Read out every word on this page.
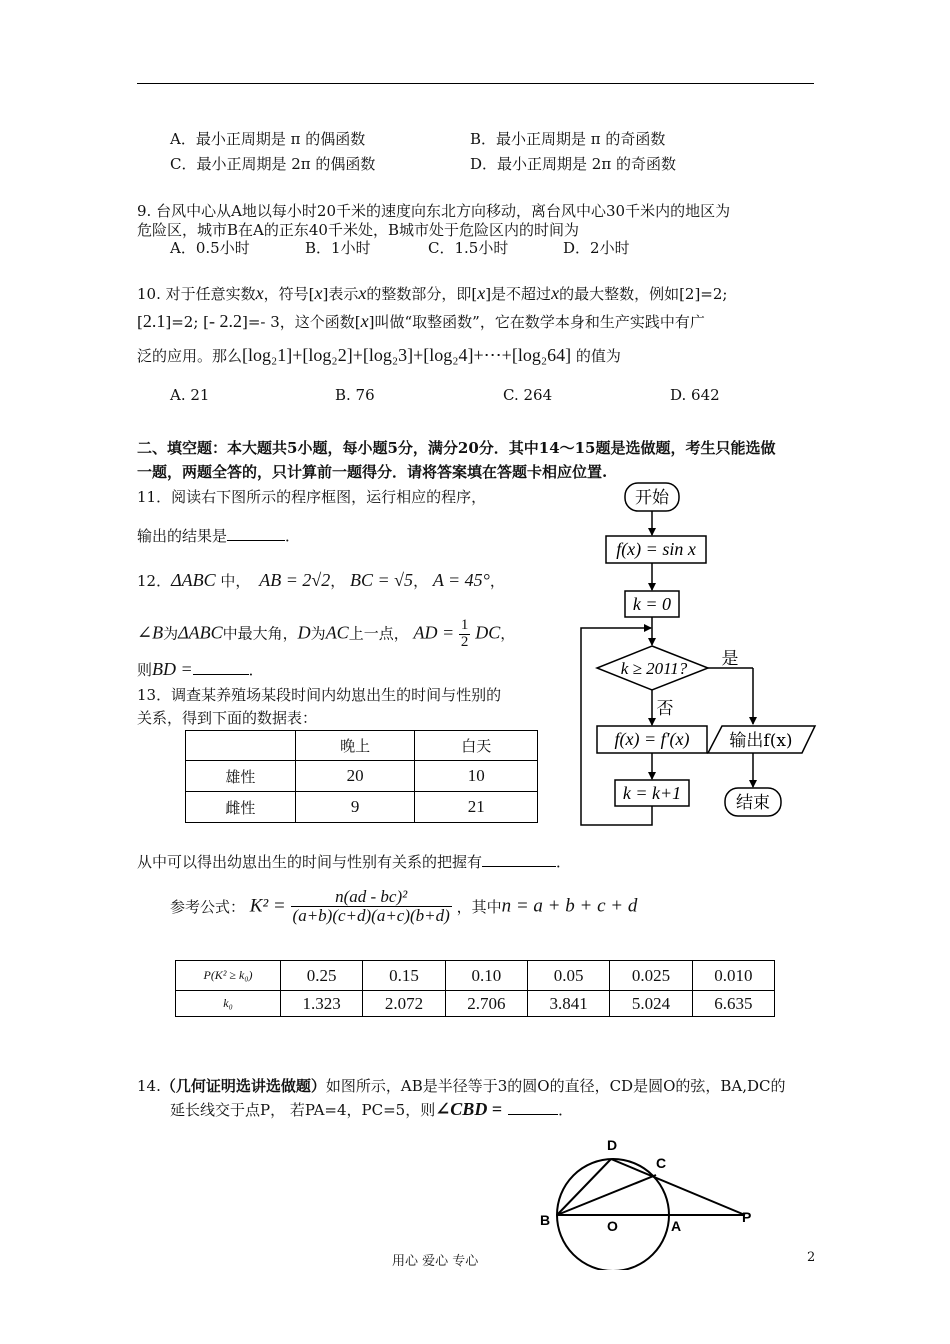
A．最小正周期是 π 的偶函数	B．最小正周期是 π 的奇函数
C．最小正周期是 2π 的偶函数	D．最小正周期是 2π 的奇函数
9. 台风中心从A地以每小时20千米的速度向东北方向移动，离台风中心30千米内的地区为
危险区，城市B在A的正东40千米处，B城市处于危险区内的时间为
A．0.5小时	B．1小时	C．1.5小时	D．2小时
10. 对于任意实数x，符号[x]表示x的整数部分，即[x]是不超过x的最大整数，例如[2]=2;
[2.1]=2; [- 2.2]=- 3，这个函数[x]叫做“取整函数”，它在数学本身和生产实践中有广
泛的应用。那么[log₂1]+[log₂2]+[log₂3]+[log₂4]+⋯+[log₂64] 的值为
A. 21	B. 76	C. 264	D. 642
二、填空题：本大题共5小题，每小题5分，满分20分．其中14～15题是选做题，考生只能选做
一题，两题全答的，只计算前一题得分．请将答案填在答题卡相应位置.
11．阅读右下图所示的程序框图，运行相应的程序，
输出的结果是	．
12．ΔABC 中， AB = 2√2， BC = √5， A = 45°，
∠B为ΔABC中最大角，D为AC上一点， AD = $\frac{1}{2}$ DC，
则BD =	．
13．调查某养殖场某段时间内幼崽出生的时间与性别的
关系，得到下面的数据表：
	晚上	白天
雄性	20	10
雌性	9	21
从中可以得出幼崽出生的时间与性别有关系的把握有	．
参考公式： $K^2 = \frac{\text{n(ad - bc)²}}{(a+b)(c+d)(a+c)(b+d)}$ ，其中n = a + b + c + d
P(K² ≥ k₀)	0.25	0.15	0.10	0.05	0.025	0.010
k₀	1.323	2.072	2.706	3.841	5.024	6.635
开始
f(x) = sin x
k = 0
k ≥ 2011? 是
否
f(x) = f′(x) 输出f(x)
k = k+1	结束
14.（几何证明选讲选做题）如图所示，AB是半径等于3的圆O的直径，CD是圆O的弦，BA,DC的
延长线交于点P， 若PA=4，PC=5，则∠CBD =	．
D
C
B	O	A
P
用心 爱心 专心	2
